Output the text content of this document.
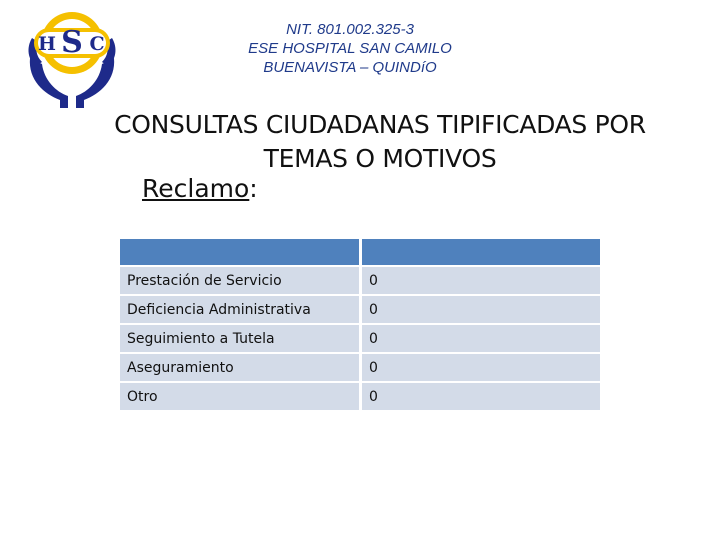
H S C
NIT. 801.002.325-3
ESE HOSPITAL SAN CAMILO
BUENAVISTA – QUINDíO
CONSULTAS CIUDADANAS TIPIFICADAS POR
TEMAS O MOTIVOS
Reclamo:

Prestación de Servicio	0
Deficiencia Administrativa	0
Seguimiento a Tutela	0
Aseguramiento	0
Otro	0
